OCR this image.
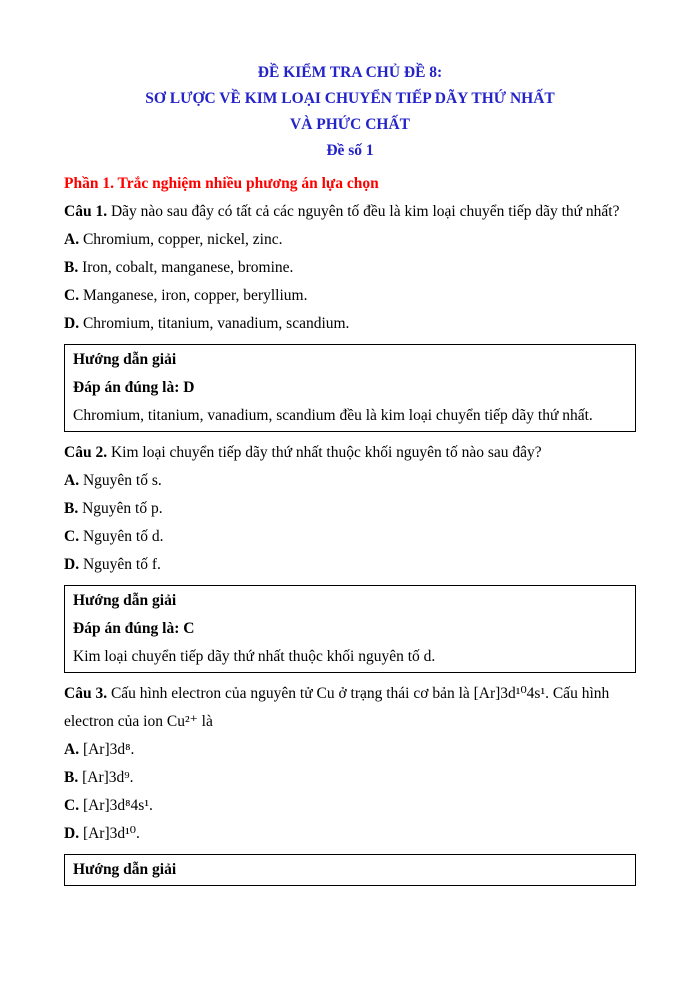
ĐỀ KIỂM TRA CHỦ ĐỀ 8:

SƠ LƯỢC VỀ KIM LOẠI CHUYỂN TIẾP DÃY THỨ NHẤT

VÀ PHỨC CHẤT

Đề số 1

Phần 1. Trắc nghiệm nhiều phương án lựa chọn

Câu 1. Dãy nào sau đây có tất cả các nguyên tố đều là kim loại chuyển tiếp dãy thứ nhất?

A. Chromium, copper, nickel, zinc.

B. Iron, cobalt, manganese, bromine.

C. Manganese, iron, copper, beryllium.

D. Chromium, titanium, vanadium, scandium.

Hướng dẫn giải

Đáp án đúng là: D

Chromium, titanium, vanadium, scandium đều là kim loại chuyển tiếp dãy thứ nhất.

Câu 2. Kim loại chuyển tiếp dãy thứ nhất thuộc khối nguyên tố nào sau đây?

A. Nguyên tố s.

B. Nguyên tố p.

C. Nguyên tố d.

D. Nguyên tố f.

Hướng dẫn giải

Đáp án đúng là: C

Kim loại chuyển tiếp dãy thứ nhất thuộc khối nguyên tố d.

Câu 3. Cấu hình electron của nguyên tử Cu ở trạng thái cơ bản là [Ar]3d¹⁰4s¹. Cấu hình electron của ion Cu²⁺ là

A. [Ar]3d⁸.

B. [Ar]3d⁹.

C. [Ar]3d⁸4s¹.

D. [Ar]3d¹⁰.

Hướng dẫn giải
